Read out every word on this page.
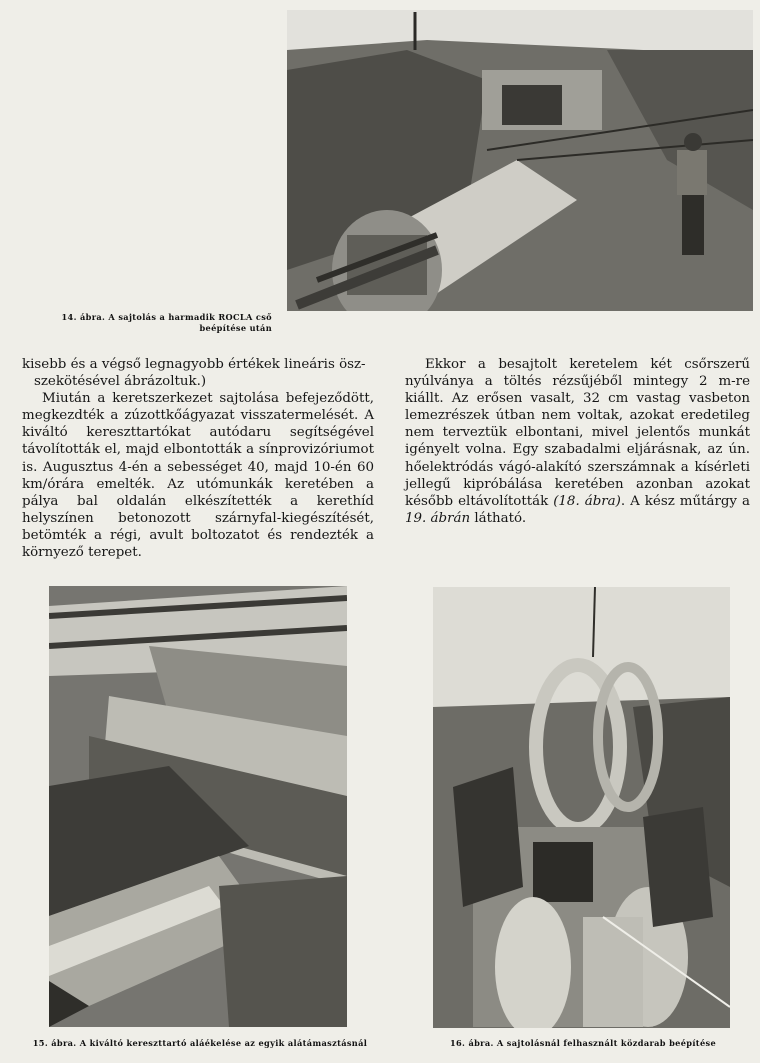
14. ábra. A sajtolás a harmadik ROCLA cső
beépítése után

kisebb és a végső legnagyobb értékek lineáris ösz-

szekötésével ábrázoltuk.)

Miután a keretszerkezet sajtolása befejeződött, megkezdték a zúzottkőágyazat visszatermelését. A kiváltó kereszttartókat autódaru segítségével távolították el, majd elbontották a sínprovizóriumot is. Augusztus 4-én a sebességet 40, majd 10-én 60 km/órára emelték. Az utómunkák keretében a pálya bal oldalán elkészítették a kerethíd helyszínen betonozott szárnyfal-kiegészítését, betömték a régi, avult boltozatot és rendezték a környező terepet.

Ekkor a besajtolt keretelem két csőrszerű nyúlványa a töltés rézsűjéből mintegy 2 m-re kiállt. Az erősen vasalt, 32 cm vastag vasbeton lemezrészek útban nem voltak, azokat eredetileg nem terveztük elbontani, mivel jelentős munkát igényelt volna. Egy szabadalmi eljárásnak, az ún. hőelektródás vágó-alakító szerszámnak a kísérleti jellegű kipróbálása keretében azonban azokat később eltávolították (18. ábra). A kész műtárgy a 19. ábrán látható.

15. ábra. A kiváltó kereszttartó aláékelése az egyik alátámasztásnál	16. ábra. A sajtolásnál felhasznált közdarab beépítése
